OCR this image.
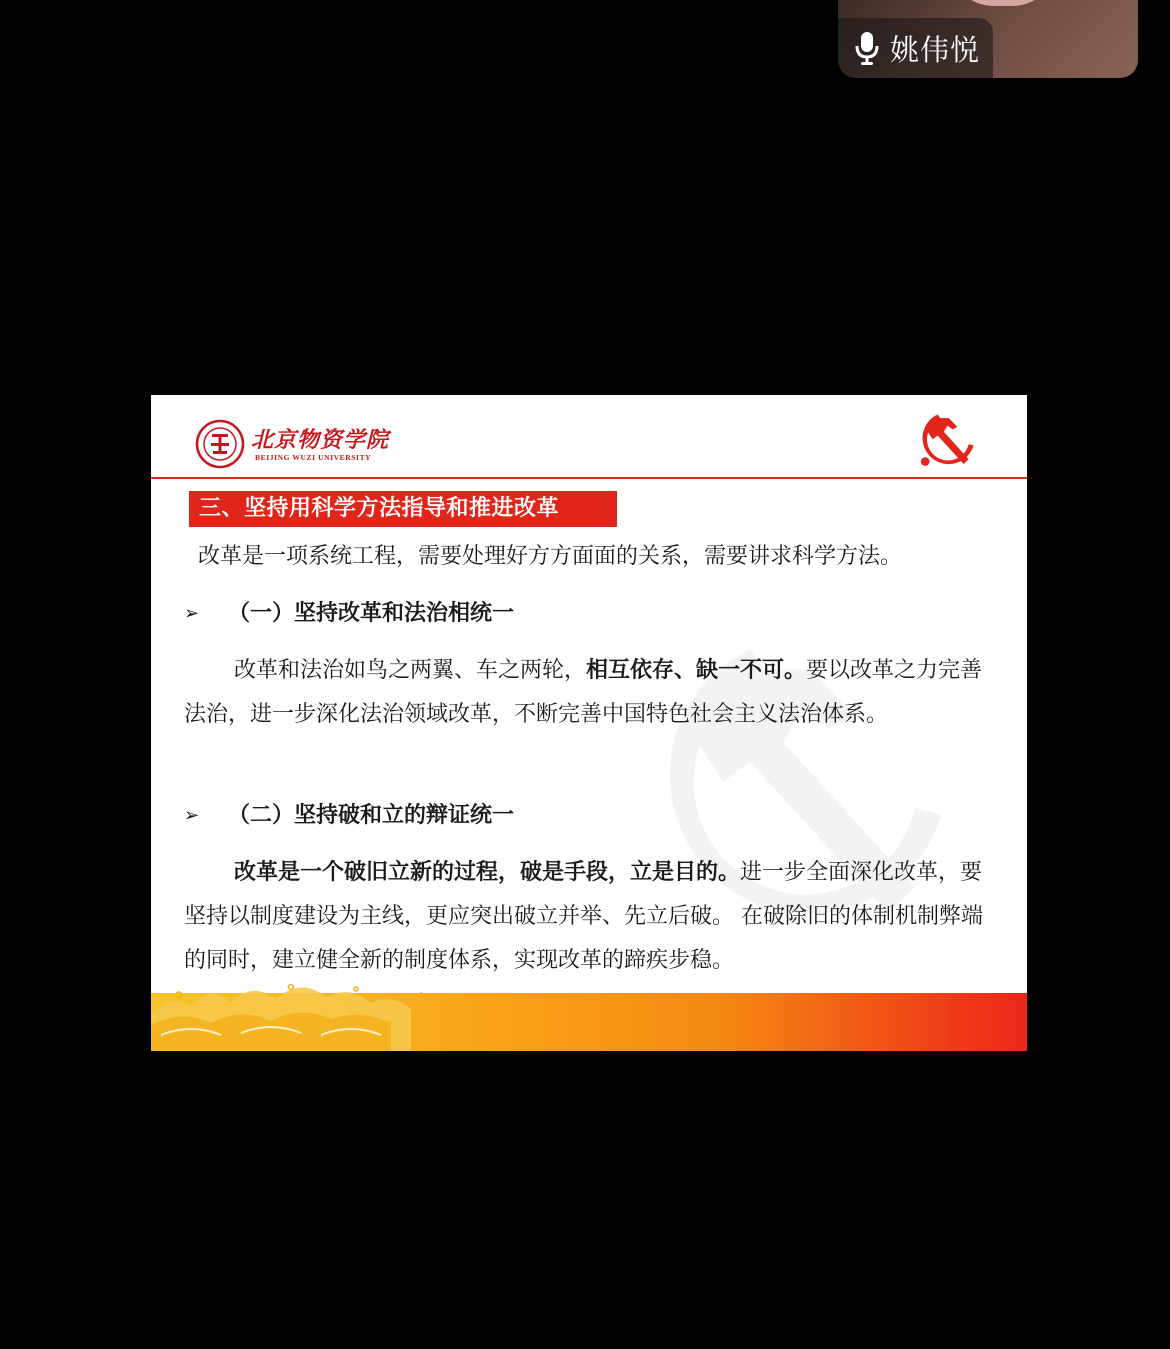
姚伟悦
北京物资学院
BEIJING WUZI UNIVERSITY
三、坚持用科学方法指导和推进改革
改革是一项系统工程，需要处理好方方面面的关系，需要讲求科学方法。
➢ （一）坚持改革和法治相统一
改革和法治如鸟之两翼、车之两轮，相互依存、缺一不可。要以改革之力完善法治，进一步深化法治领域改革，不断完善中国特色社会主义法治体系。
➢ （二）坚持破和立的辩证统一
改革是一个破旧立新的过程，破是手段，立是目的。进一步全面深化改革，要坚持以制度建设为主线，更应突出破立并举、先立后破。 在破除旧的体制机制弊端的同时，建立健全新的制度体系，实现改革的蹄疾步稳。
